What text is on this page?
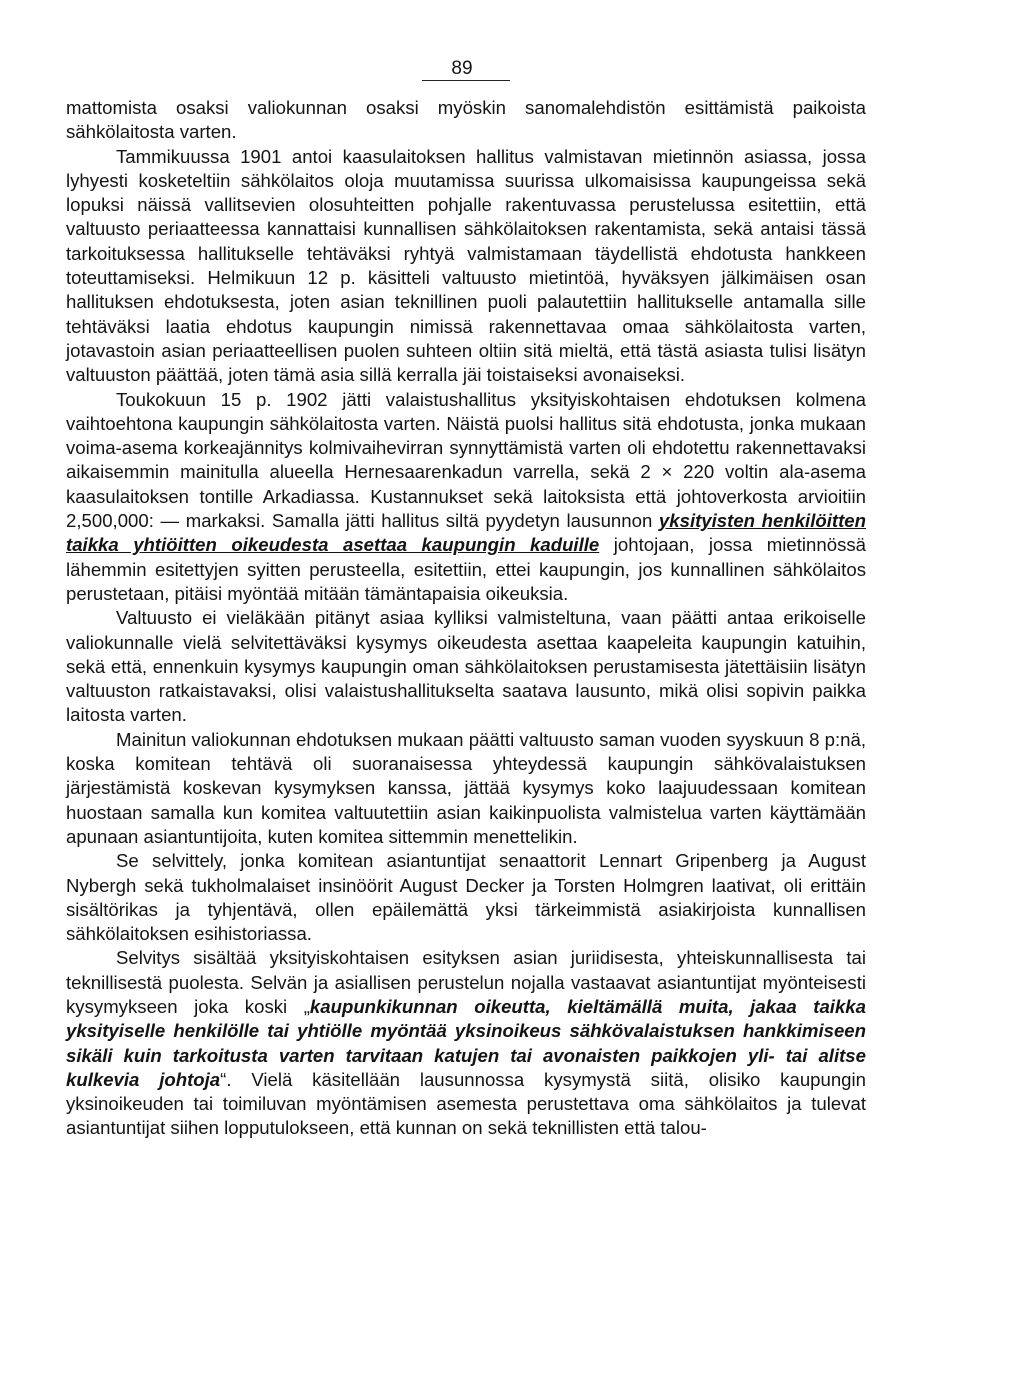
89

mattomista osaksi valiokunnan osaksi myöskin sanomalehdistön esittämistä paikoista sähkölaitosta varten.

Tammikuussa 1901 antoi kaasulaitoksen hallitus valmistavan mietinnön asiassa, jossa lyhyesti kosketeltiin sähkölaitos oloja muutamissa suurissa ulkomaisissa kaupungeissa sekä lopuksi näissä vallitsevien olosuhteitten pohjalle rakentuvassa perustelussa esitettiin, että valtuusto periaatteessa kannattaisi kunnallisen sähkölaitoksen rakentamista, sekä antaisi tässä tarkoituksessa hallitukselle tehtäväksi ryhtyä valmistamaan täydellistä ehdotusta hankkeen toteuttamiseksi. Helmikuun 12 p. käsitteli valtuusto mietintöä, hyväksyen jälkimäisen osan hallituksen ehdotuksesta, joten asian teknillinen puoli palautettiin hallitukselle antamalla sille tehtäväksi laatia ehdotus kaupungin nimissä rakennettavaa omaa sähkölaitosta varten, jotavastoin asian periaatteellisen puolen suhteen oltiin sitä mieltä, että tästä asiasta tulisi lisätyn valtuuston päättää, joten tämä asia sillä kerralla jäi toistaiseksi avonaiseksi.

Toukokuun 15 p. 1902 jätti valaistushallitus yksityiskohtaisen ehdotuksen kolmena vaihtoehtona kaupungin sähkölaitosta varten. Näistä puolsi hallitus sitä ehdotusta, jonka mukaan voima-asema korkeajännitys kolmivaihevirran synnyttämistä varten oli ehdotettu rakennettavaksi aikaisemmin mainitulla alueella Hernesaarenkadun varrella, sekä 2 × 220 voltin ala-asema kaasulaitoksen tontille Arkadiassa. Kustannukset sekä laitoksista että johtoverkosta arvioitiin 2,500,000: — markaksi. Samalla jätti hallitus siltä pyydetyn lausunnon yksityisten henkilöitten taikka yhtiöitten oikeudesta asettaa kaupungin kaduille johtojaan, jossa mietinnössä lähemmin esitettyjen syitten perusteella, esitettiin, ettei kaupungin, jos kunnallinen sähkölaitos perustetaan, pitäisi myöntää mitään tämäntapaisia oikeuksia.

Valtuusto ei vieläkään pitänyt asiaa kylliksi valmisteltuna, vaan päätti antaa erikoiselle valiokunnalle vielä selvitettäväksi kysymys oikeudesta asettaa kaapeleita kaupungin katuihin, sekä että, ennenkuin kysymys kaupungin oman sähkölaitoksen perustamisesta jätettäisiin lisätyn valtuuston ratkaistavaksi, olisi valaistushallitukselta saatava lausunto, mikä olisi sopivin paikka laitosta varten.

Mainitun valiokunnan ehdotuksen mukaan päätti valtuusto saman vuoden syyskuun 8 p:nä, koska komitean tehtävä oli suoranaisessa yhteydessä kaupungin sähkövalaistuksen järjestämistä koskevan kysymyksen kanssa, jättää kysymys koko laajuudessaan komitean huostaan samalla kun komitea valtuutettiin asian kaikinpuolista valmistelua varten käyttämään apunaan asiantuntijoita, kuten komitea sittemmin menettelikin.

Se selvittely, jonka komitean asiantuntijat senaattorit Lennart Gripenberg ja August Nybergh sekä tukholmalaiset insinöörit August Decker ja Torsten Holmgren laativat, oli erittäin sisältörikas ja tyhjentävä, ollen epäilemättä yksi tärkeimmistä asiakirjoista kunnallisen sähkölaitoksen esihistoriassa.

Selvitys sisältää yksityiskohtaisen esityksen asian juriidisesta, yhteiskunnallisesta tai teknillisestä puolesta. Selvän ja asiallisen perustelun nojalla vastaavat asiantuntijat myönteisesti kysymykseen joka koski „kaupunkikunnan oikeutta, kieltämällä muita, jakaa taikka yksityiselle henkilölle tai yhtiölle myöntää yksinoikeus sähkövalaistuksen hankkimiseen sikäli kuin tarkoitusta varten tarvitaan katujen tai avonaisten paikkojen yli- tai alitse kulkevia johtoja“. Vielä käsitellään lausunnossa kysymystä siitä, olisiko kaupungin yksinoikeuden tai toimiluvan myöntämisen asemesta perustettava oma sähkölaitos ja tulevat asiantuntijat siihen lopputulokseen, että kunnan on sekä teknillisten että talou-
